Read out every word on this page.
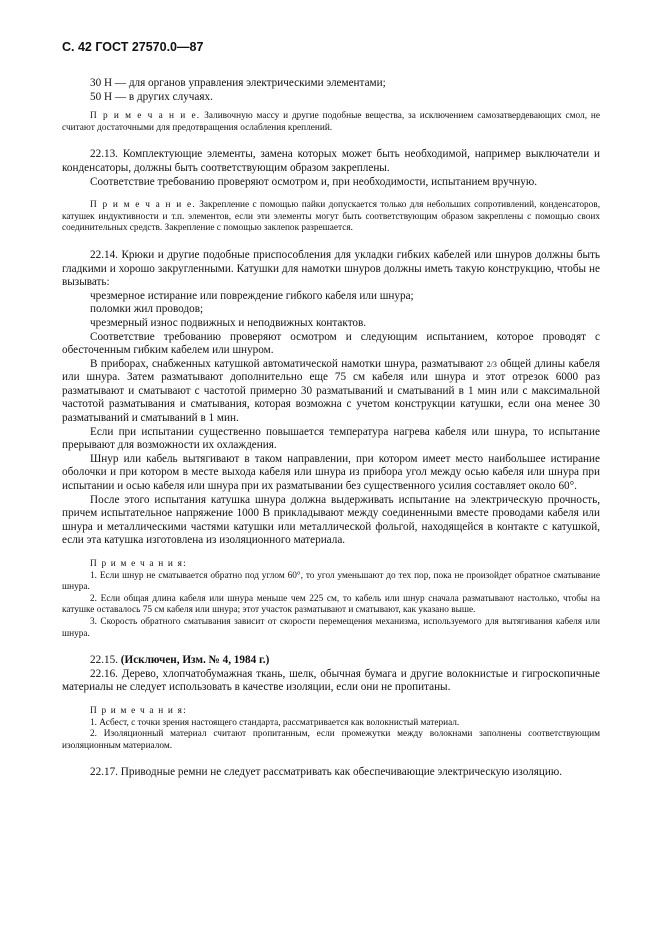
С. 42 ГОСТ 27570.0—87

30 Н — для органов управления электрическими элементами;

50 Н — в других случаях.

П р и м е ч а н и е. Заливочную массу и другие подобные вещества, за исключением самозатвердевающих смол, не считают достаточными для предотвращения ослабления креплений.

22.13. Комплектующие элементы, замена которых может быть необходимой, например выключатели и конденсаторы, должны быть соответствующим образом закреплены.

Соответствие требованию проверяют осмотром и, при необходимости, испытанием вручную.

П р и м е ч а н и е. Закрепление с помощью пайки допускается только для небольших сопротивлений, конденсаторов, катушек индуктивности и т.п. элементов, если эти элементы могут быть соответствующим образом закреплены с помощью своих соединительных средств. Закрепление с помощью заклепок разрешается.

22.14. Крюки и другие подобные приспособления для укладки гибких кабелей или шнуров должны быть гладкими и хорошо закругленными. Катушки для намотки шнуров должны иметь такую конструкцию, чтобы не вызывать:

чрезмерное истирание или повреждение гибкого кабеля или шнура;

поломки жил проводов;

чрезмерный износ подвижных и неподвижных контактов.

Соответствие требованию проверяют осмотром и следующим испытанием, которое проводят с обесточенным гибким кабелем или шнуром.

В приборах, снабженных катушкой автоматической намотки шнура, разматывают 2/3 общей длины кабеля или шнура. Затем разматывают дополнительно еще 75 см кабеля или шнура и этот отрезок 6000 раз разматывают и сматывают с частотой примерно 30 разматываний и сматываний в 1 мин или с максимальной частотой разматывания и сматывания, которая возможна с учетом конструкции катушки, если она менее 30 разматываний и сматываний в 1 мин.

Если при испытании существенно повышается температура нагрева кабеля или шнура, то испытание прерывают для возможности их охлаждения.

Шнур или кабель вытягивают в таком направлении, при котором имеет место наибольшее истирание оболочки и при котором в месте выхода кабеля или шнура из прибора угол между осью кабеля или шнура при испытании и осью кабеля или шнура при их разматывании без существенного усилия составляет около 60°.

После этого испытания катушка шнура должна выдерживать испытание на электрическую прочность, причем испытательное напряжение 1000 В прикладывают между соединенными вместе проводами кабеля или шнура и металлическими частями катушки или металлической фольгой, находящейся в контакте с катушкой, если эта катушка изготовлена из изоляционного материала.

П р и м е ч а н и я:

1. Если шнур не сматывается обратно под углом 60°, то угол уменьшают до тех пор, пока не произойдет обратное сматывание шнура.

2. Если общая длина кабеля или шнура меньше чем 225 см, то кабель или шнур сначала разматывают настолько, чтобы на катушке оставалось 75 см кабеля или шнура; этот участок разматывают и сматывают, как указано выше.

3. Скорость обратного сматывания зависит от скорости перемещения механизма, используемого для вытягивания кабеля или шнура.

22.15. (Исключен, Изм. № 4, 1984 г.)

22.16. Дерево, хлопчатобумажная ткань, шелк, обычная бумага и другие волокнистые и гигроскопичные материалы не следует использовать в качестве изоляции, если они не пропитаны.

П р и м е ч а н и я:

1. Асбест, с точки зрения настоящего стандарта, рассматривается как волокнистый материал.

2. Изоляционный материал считают пропитанным, если промежутки между волокнами заполнены соответствующим изоляционным материалом.

22.17. Приводные ремни не следует рассматривать как обеспечивающие электрическую изоляцию.
